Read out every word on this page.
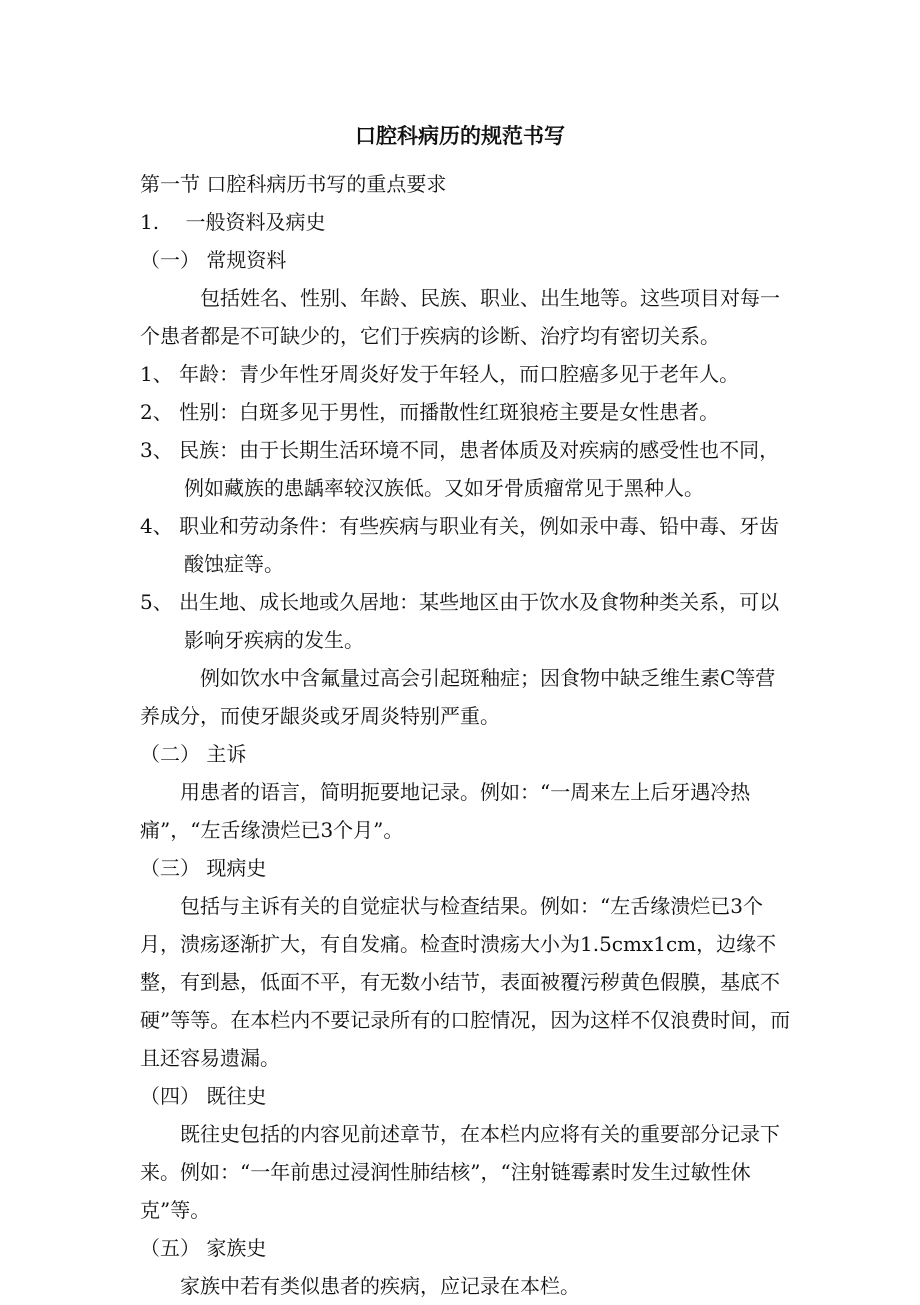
口腔科病历的规范书写

第一节 口腔科病历书写的重点要求

1.　 一般资料及病史

（一） 常规资料

包括姓名、性别、年龄、民族、职业、出生地等。这些项目对每一个患者都是不可缺少的，它们于疾病的诊断、治疗均有密切关系。

1、 年龄：青少年性牙周炎好发于年轻人，而口腔癌多见于老年人。

2、 性别：白斑多见于男性，而播散性红斑狼疮主要是女性患者。

3、 民族：由于长期生活环境不同，患者体质及对疾病的感受性也不同，例如藏族的患龋率较汉族低。又如牙骨质瘤常见于黑种人。

4、 职业和劳动条件：有些疾病与职业有关，例如汞中毒、铅中毒、牙齿酸蚀症等。

5、 出生地、成长地或久居地：某些地区由于饮水及食物种类关系，可以影响牙疾病的发生。

例如饮水中含氟量过高会引起斑釉症；因食物中缺乏维生素C等营养成分，而使牙龈炎或牙周炎特别严重。

（二） 主诉

用患者的语言，简明扼要地记录。例如：“一周来左上后牙遇冷热痛”，“左舌缘溃烂已3个月”。

（三） 现病史

包括与主诉有关的自觉症状与检查结果。例如：“左舌缘溃烂已3个月，溃疡逐渐扩大，有自发痛。检查时溃疡大小为1.5cmx1cm，边缘不整，有到悬，低面不平，有无数小结节，表面被覆污秽黄色假膜，基底不硬”等等。在本栏内不要记录所有的口腔情况，因为这样不仅浪费时间，而且还容易遗漏。

（四） 既往史

既往史包括的内容见前述章节，在本栏内应将有关的重要部分记录下来。例如：“一年前患过浸润性肺结核”，“注射链霉素时发生过敏性休克”等。

（五） 家族史

家族中若有类似患者的疾病，应记录在本栏。
